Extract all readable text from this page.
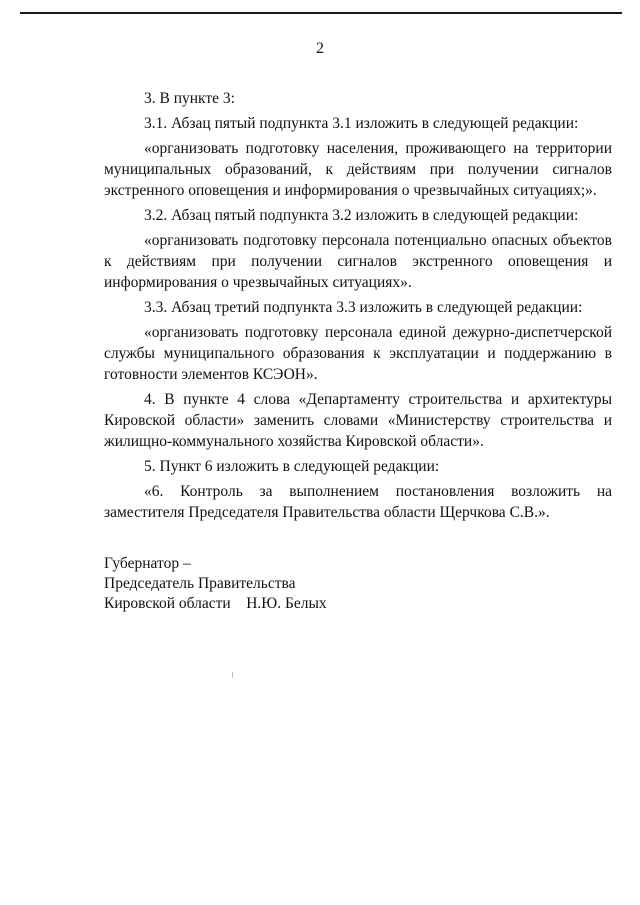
2

3. В пункте 3:

3.1. Абзац пятый подпункта 3.1 изложить в следующей редакции:

«организовать подготовку населения, проживающего на территории муниципальных образований, к действиям при получении сигналов экстренного оповещения и информирования о чрезвычайных ситуациях;».

3.2. Абзац пятый подпункта 3.2 изложить в следующей редакции:

«организовать подготовку персонала потенциально опасных объектов к действиям при получении сигналов экстренного оповещения и информирования о чрезвычайных ситуациях».

3.3. Абзац третий подпункта 3.3 изложить в следующей редакции:

«организовать подготовку персонала единой дежурно-диспетчерской службы муниципального образования к эксплуатации и поддержанию в готовности элементов КСЭОН».

4. В пункте 4 слова «Департаменту строительства и архитектуры Кировской области» заменить словами «Министерству строительства и жилищно-коммунального хозяйства Кировской области».

5. Пункт 6 изложить в следующей редакции:

«6. Контроль за выполнением постановления возложить на заместителя Председателя Правительства области Щерчкова С.В.».

Губернатор –
Председатель Правительства
Кировской области    Н.Ю. Белых
